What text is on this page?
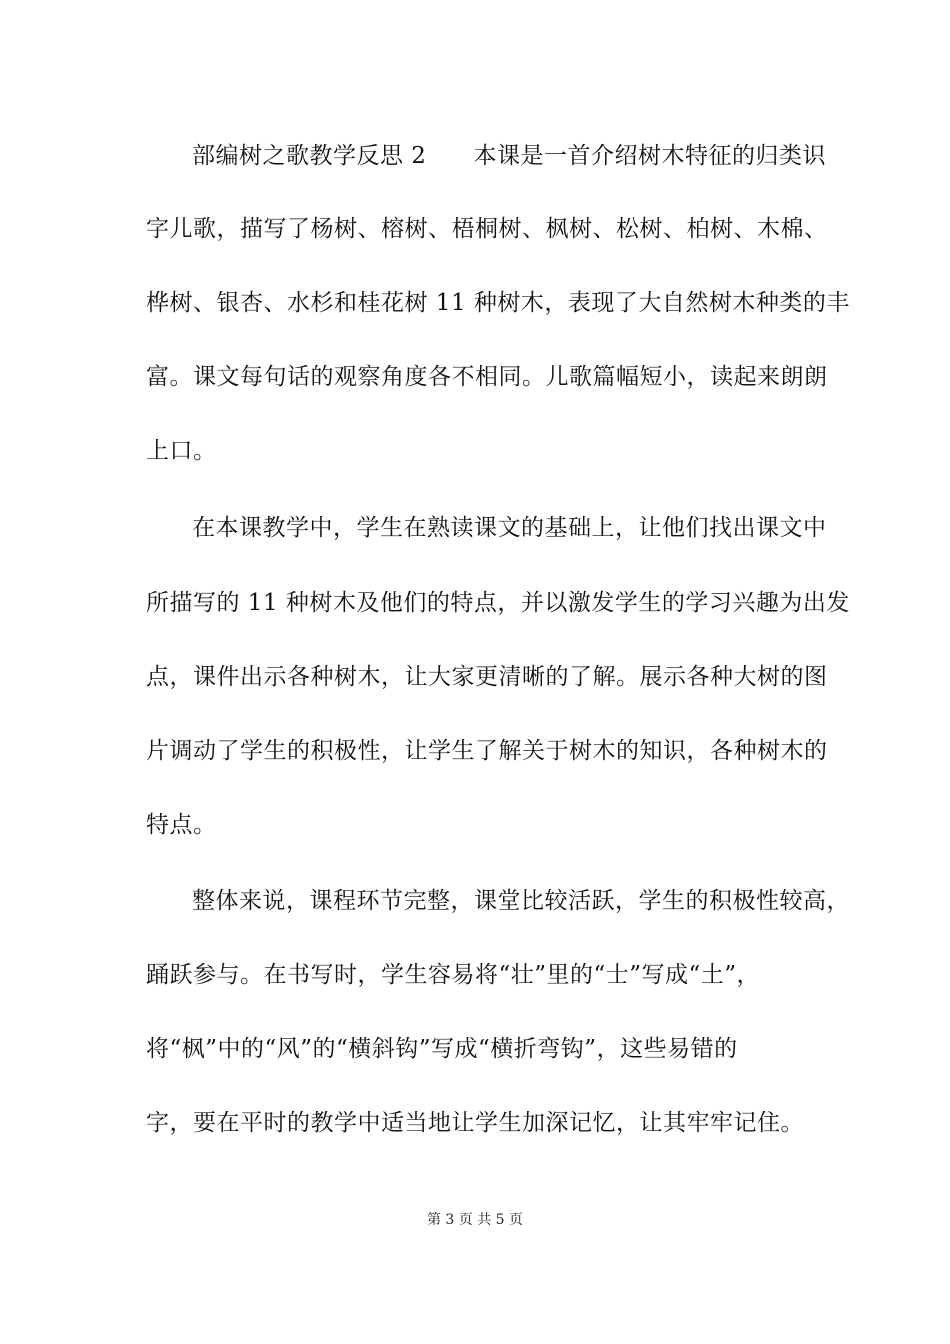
部编树之歌教学反思 2　　本课是一首介绍树木特征的归类识
字儿歌，描写了杨树、榕树、梧桐树、枫树、松树、柏树、木棉、
桦树、银杏、水杉和桂花树 11 种树木，表现了大自然树木种类的丰
富。课文每句话的观察角度各不相同。儿歌篇幅短小，读起来朗朗
上口。
在本课教学中，学生在熟读课文的基础上，让他们找出课文中
所描写的 11 种树木及他们的特点，并以激发学生的学习兴趣为出发
点，课件出示各种树木，让大家更清晰的了解。展示各种大树的图
片调动了学生的积极性，让学生了解关于树木的知识，各种树木的
特点。
整体来说，课程环节完整，课堂比较活跃，学生的积极性较高，
踊跃参与。在书写时，学生容易将“壮”里的“士”写成“土”，
将“枫”中的“风”的“横斜钩”写成“横折弯钩”，这些易错的
字，要在平时的教学中适当地让学生加深记忆，让其牢牢记住。
第 3 页 共 5 页
